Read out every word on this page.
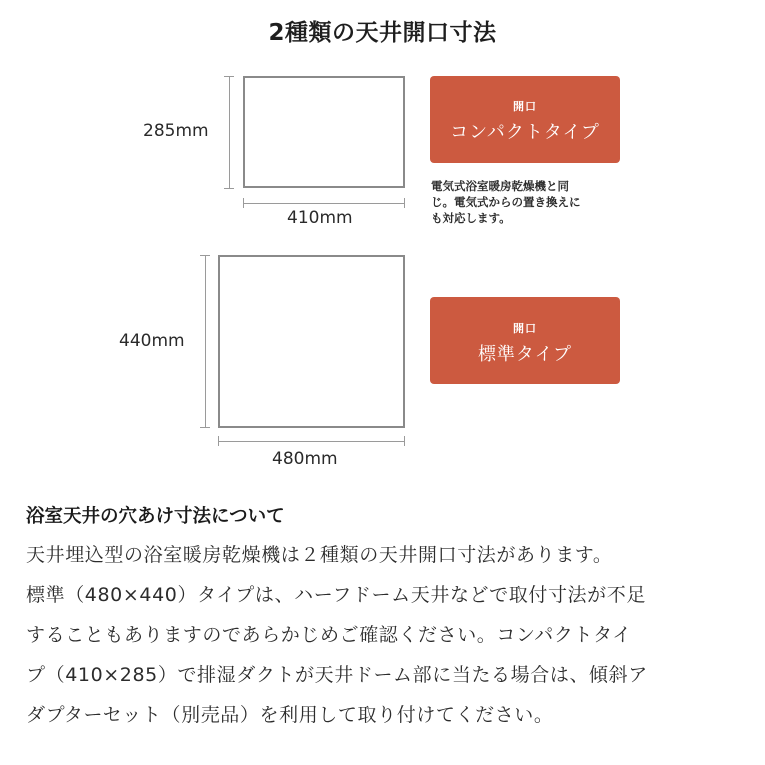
2種類の天井開口寸法
285mm
410mm
開口
コンパクトタイプ
電気式浴室暖房乾燥機と同
じ。電気式からの置き換えに
も対応します。
440mm
480mm
開口
標準タイプ
浴室天井の穴あけ寸法について
天井埋込型の浴室暖房乾燥機は２種類の天井開口寸法があります。
標準（480×440）タイプは、ハーフドーム天井などで取付寸法が不足
することもありますのであらかじめご確認ください。コンパクトタイ
プ（410×285）で排湿ダクトが天井ドーム部に当たる場合は、傾斜ア
ダプターセット（別売品）を利用して取り付けてください。
